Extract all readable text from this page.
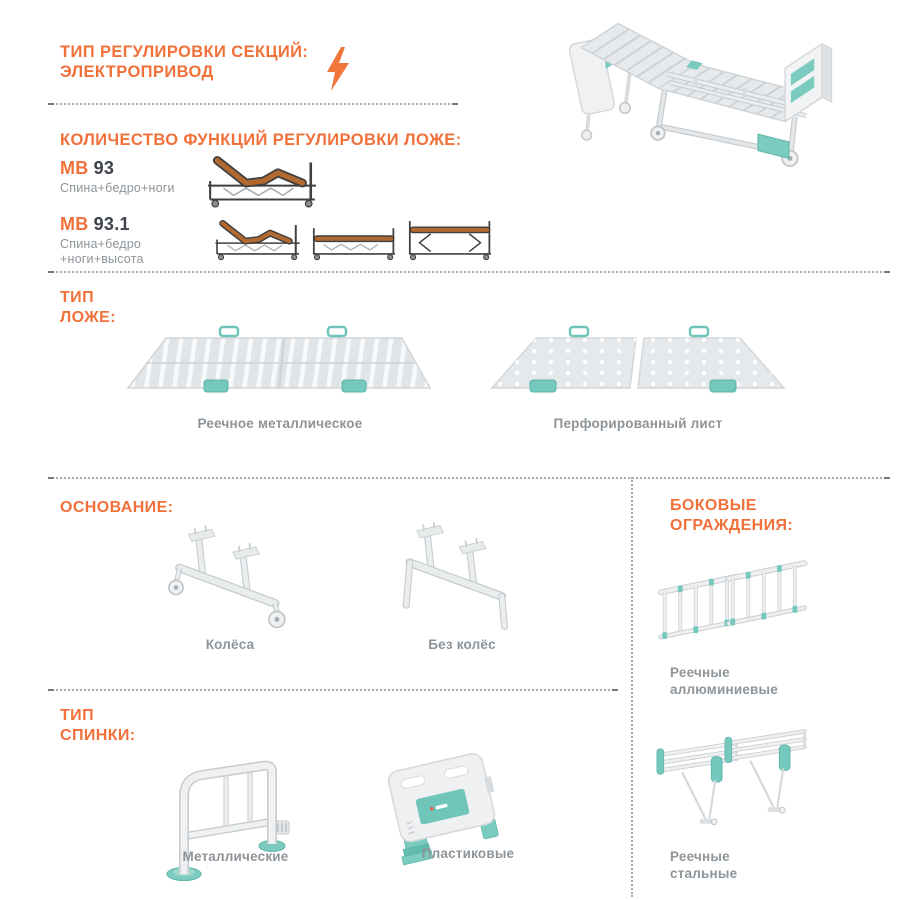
ТИП РЕГУЛИРОВКИ СЕКЦИЙ:
ЭЛЕКТРОПРИВОД
КОЛИЧЕСТВО ФУНКЦИЙ РЕГУЛИРОВКИ ЛОЖЕ:
МВ 93
Спина+бедро+ноги
МВ 93.1
Спина+бедро
+ноги+высота
ТИП
ЛОЖЕ:
Реечное металлическое	Перфорированный лист
ОСНОВАНИЕ:
Колёса	Без колёс
ТИП
СПИНКИ:
Металлические	Пластиковые
БОКОВЫЕ
ОГРАЖДЕНИЯ:
Реечные
аллюминиевые
Реечные
стальные
